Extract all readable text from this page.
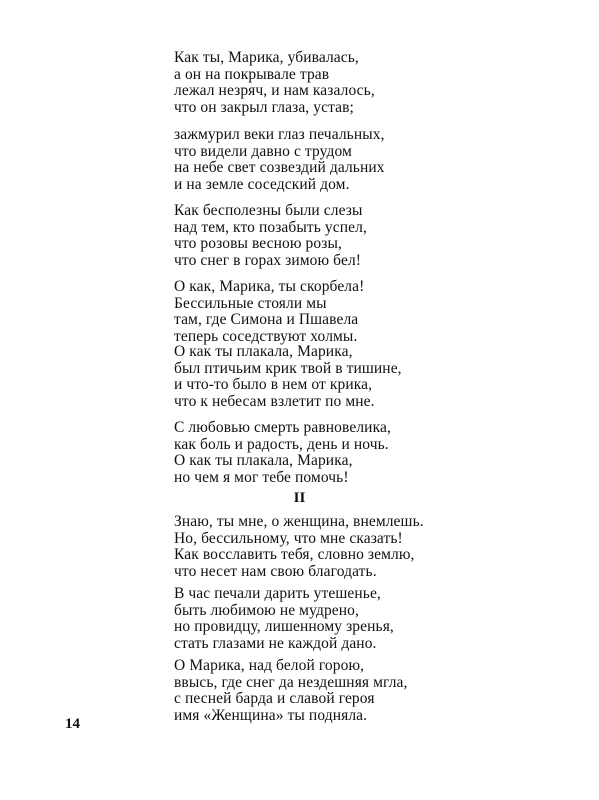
Как ты, Марика, убивалась,
а он на покрывале трав
лежал незряч, и нам казалось,
что он закрыл глаза, устав;
зажмурил веки глаз печальных,
что видели давно с трудом
на небе свет созвездий дальних
и на земле соседский дом.
Как бесполезны были слезы
над тем, кто позабыть успел,
что розовы весною розы,
что снег в горах зимою бел!
О как, Марика, ты скорбела!
Бессильные стояли мы
там, где Симона и Пшавела
теперь соседствуют холмы.
О как ты плакала, Марика,
был птичьим крик твой в тишине,
и что-то было в нем от крика,
что к небесам взлетит по мне.
С любовью смерть равновелика,
как боль и радость, день и ночь.
О как ты плакала, Марика,
но чем я мог тебе помочь!
II
Знаю, ты мне, о женщина, внемлешь.
Но, бессильному, что мне сказать!
Как восславить тебя, словно землю,
что несет нам свою благодать.
В час печали дарить утешенье,
быть любимою не мудрено,
но провидцу, лишенному зренья,
стать глазами не каждой дано.
О Марика, над белой горою,
ввысь, где снег да нездешняя мгла,
с песней барда и славой героя
имя «Женщина» ты подняла.
14
